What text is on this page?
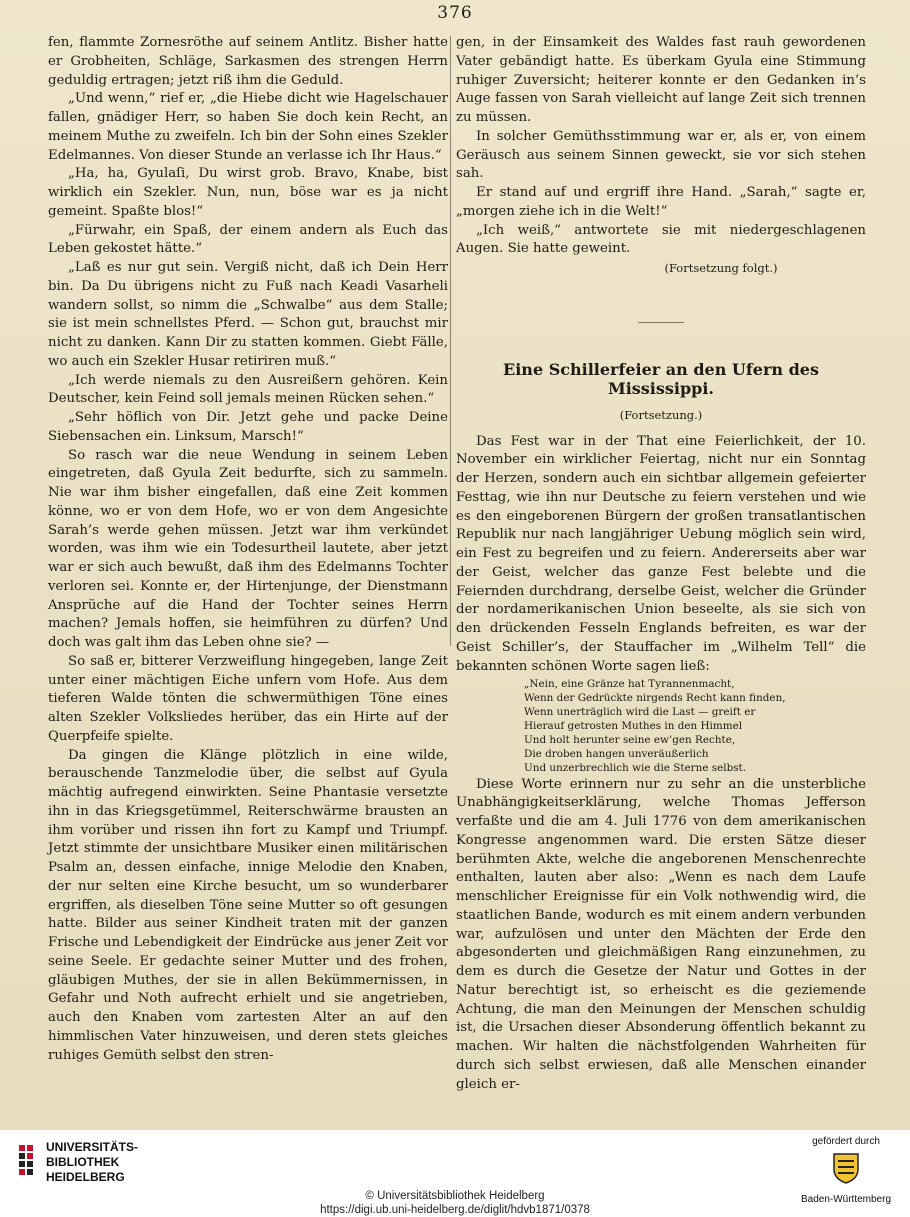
376

fen, flammte Zornesröthe auf seinem Antlitz. Bisher hatte er Grobheiten, Schläge, Sarkasmen des strengen Herrn geduldig ertragen; jetzt riß ihm die Geduld.

„Und wenn,“ rief er, „die Hiebe dicht wie Hagelschauer fallen, gnädiger Herr, so haben Sie doch kein Recht, an meinem Muthe zu zweifeln. Ich bin der Sohn eines Szekler Edelmannes. Von dieser Stunde an verlasse ich Ihr Haus.“

„Ha, ha, Gyulaſi, Du wirst grob. Bravo, Knabe, bist wirklich ein Szekler. Nun, nun, böse war es ja nicht gemeint. Spaßte blos!“

„Fürwahr, ein Spaß, der einem andern als Euch das Leben gekostet hätte.“

„Laß es nur gut sein. Vergiß nicht, daß ich Dein Herr bin. Da Du übrigens nicht zu Fuß nach Keadi Vasarheli wandern sollst, so nimm die „Schwalbe“ aus dem Stalle; sie ist mein schnellstes Pferd. — Schon gut, brauchst mir nicht zu danken. Kann Dir zu statten kommen. Giebt Fälle, wo auch ein Szekler Husar retiriren muß.“

„Ich werde niemals zu den Ausreißern gehören. Kein Deutscher, kein Feind soll jemals meinen Rücken sehen.“

„Sehr höflich von Dir. Jetzt gehe und packe Deine Siebensachen ein. Linksum, Marsch!“

So rasch war die neue Wendung in seinem Leben eingetreten, daß Gyula Zeit bedurfte, sich zu sammeln. Nie war ihm bisher eingefallen, daß eine Zeit kommen könne, wo er von dem Hofe, wo er von dem Angesichte Sarah’s werde gehen müssen. Jetzt war ihm verkündet worden, was ihm wie ein Todesurtheil lautete, aber jetzt war er sich auch bewußt, daß ihm des Edelmanns Tochter verloren sei. Konnte er, der Hirtenjunge, der Dienstmann Ansprüche auf die Hand der Tochter seines Herrn machen? Jemals hoffen, sie heimführen zu dürfen? Und doch was galt ihm das Leben ohne sie? —

So saß er, bitterer Verzweiflung hingegeben, lange Zeit unter einer mächtigen Eiche unfern vom Hofe. Aus dem tieferen Walde tönten die schwermüthigen Töne eines alten Szekler Volksliedes herüber, das ein Hirte auf der Querpfeife spielte.

Da gingen die Klänge plötzlich in eine wilde, berauschende Tanzmelodie über, die selbst auf Gyula mächtig aufregend einwirkten. Seine Phantasie versetzte ihn in das Kriegsgetümmel, Reiterschwärme brausten an ihm vorüber und rissen ihn fort zu Kampf und Triumpf. Jetzt stimmte der unsichtbare Musiker einen militärischen Psalm an, dessen einfache, innige Melodie den Knaben, der nur selten eine Kirche besucht, um so wunderbarer ergriffen, als dieselben Töne seine Mutter so oft gesungen hatte. Bilder aus seiner Kindheit traten mit der ganzen Frische und Lebendigkeit der Eindrücke aus jener Zeit vor seine Seele. Er gedachte seiner Mutter und des frohen, gläubigen Muthes, der sie in allen Bekümmernissen, in Gefahr und Noth aufrecht erhielt und sie angetrieben, auch den Knaben vom zartesten Alter an auf den himmlischen Vater hinzuweisen, und deren stets gleiches ruhiges Gemüth selbst den stren-

gen, in der Einsamkeit des Waldes fast rauh gewordenen Vater gebändigt hatte. Es überkam Gyula eine Stimmung ruhiger Zuversicht; heiterer konnte er den Gedanken in’s Auge fassen von Sarah vielleicht auf lange Zeit sich trennen zu müssen.

In solcher Gemüthsstimmung war er, als er, von einem Geräusch aus seinem Sinnen geweckt, sie vor sich stehen sah.

Er stand auf und ergriff ihre Hand. „Sarah,“ sagte er, „morgen ziehe ich in die Welt!“

„Ich weiß,“ antwortete sie mit niedergeschlagenen Augen. Sie hatte geweint.

(Fortsetzung folgt.)

Eine Schillerfeier an den Ufern des Mississippi.

(Fortsetzung.)

Das Fest war in der That eine Feierlichkeit, der 10. November ein wirklicher Feiertag, nicht nur ein Sonntag der Herzen, sondern auch ein sichtbar allgemein gefeierter Festtag, wie ihn nur Deutsche zu feiern verstehen und wie es den eingeborenen Bürgern der großen transatlantischen Republik nur nach langjähriger Uebung möglich sein wird, ein Fest zu begreifen und zu feiern. Andererseits aber war der Geist, welcher das ganze Fest belebte und die Feiernden durchdrang, derselbe Geist, welcher die Gründer der nordamerikanischen Union beseelte, als sie sich von den drückenden Fesseln Englands befreiten, es war der Geist Schiller’s, der Stauffacher im „Wilhelm Tell“ die bekannten schönen Worte sagen ließ:

„Nein, eine Gränze hat Tyrannenmacht,
Wenn der Gedrückte nirgends Recht kann finden,
Wenn unerträglich wird die Last — greift er
Hierauf getrosten Muthes in den Himmel
Und holt herunter seine ew’gen Rechte,
Die droben hangen unveräußerlich
Und unzerbrechlich wie die Sterne selbst.

Diese Worte erinnern nur zu sehr an die unsterbliche Unabhängigkeitserklärung, welche Thomas Jefferson verfaßte und die am 4. Juli 1776 von dem amerikanischen Kongresse angenommen ward. Die ersten Sätze dieser berühmten Akte, welche die angeborenen Menschenrechte enthalten, lauten aber also: „Wenn es nach dem Laufe menschlicher Ereignisse für ein Volk nothwendig wird, die staatlichen Bande, wodurch es mit einem andern verbunden war, aufzulösen und unter den Mächten der Erde den abgesonderten und gleichmäßigen Rang einzunehmen, zu dem es durch die Gesetze der Natur und Gottes in der Natur berechtigt ist, so erheischt es die geziemende Achtung, die man den Meinungen der Menschen schuldig ist, die Ursachen dieser Absonderung öffentlich bekannt zu machen. Wir halten die nächstfolgenden Wahrheiten für durch sich selbst erwiesen, daß alle Menschen einander gleich er-

UNIVERSITÄTS-
BIBLIOTHEK
HEIDELBERG
© Universitätsbibliothek Heidelberg
https://digi.ub.uni-heidelberg.de/diglit/hdvb1871/0378
gefördert durch
Baden-Württemberg
